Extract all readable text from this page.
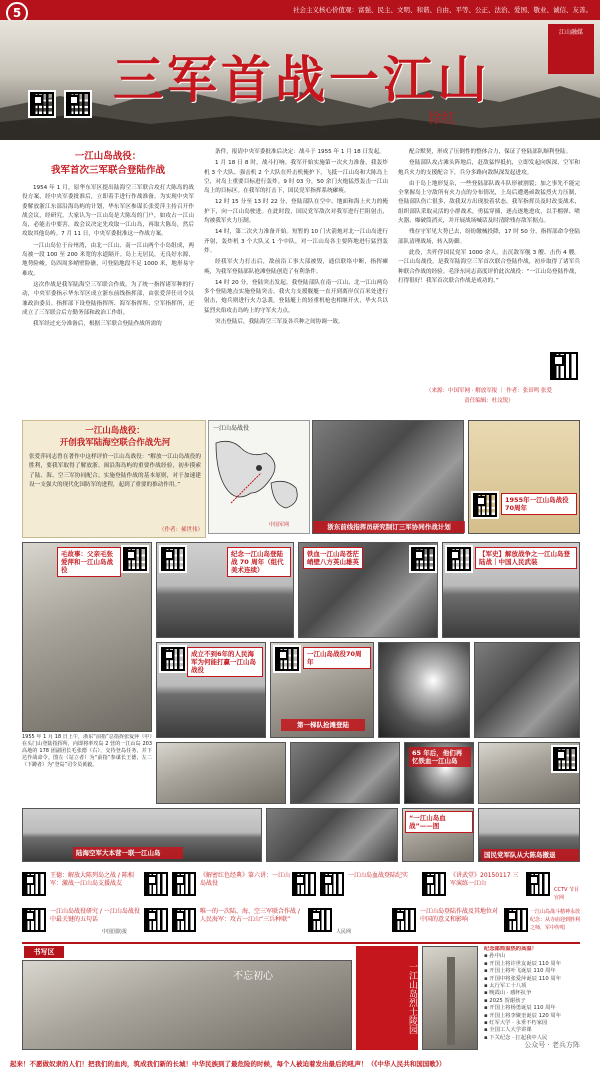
社会主义核心价值观：富强、民主、文明、和谐、自由、平等、公正、法治、爱国、敬业、诚信、友善。
5
三军首战一江山
徐红
三军首战一江山
海防在线	江山融媒
江山融媒
一江山岛战役：
我军首次三军联合登陆作战

1954 年 1 月，原华东军区提出陆海空三军联合攻打大陈岛的战役方案，经中央军委批准后，立即着手进行作战准备。为实现中央军委解放浙江东部沿海岛屿的计划，华东军区参谋长张爱萍主持召开作战会议，经研究，大家认为一江山岛是大陈岛的门户，如攻占一江山岛，必能击中要害，故会议决定先攻取一江山岛，再取大陈岛，然后攻取其他岛屿。7 月 11 日，中央军委批准这一作战方案。

一江山岛位于台州湾，由北一江山、南一江山两个小岛组成，两岛被一段 100 至 200 米宽的水道隔开。岛上无居民，无良好水源，地势险峻。岛四周多峭壁险礁，可登陆地段不足 1000 米，地形易守难攻。

这次作战是我军陆海空三军联合作战，为了统一指挥诸军种的行动，中央军委指示华东军区成立浙东前线指挥部，由张爱萍任司令员兼政治委员。指挥部下设登陆指挥所、海军指挥所、空军指挥所，还成立了三军联合后方勤务部和政治工作组。

我军经过充分准备后，根据三军联合登陆作战所需的

条件，报请中央军委批准后决定：战斗于 1955 年 1 月 18 日发起。

1 月 18 日 8 时，战斗打响。我军开始实施第一次火力准备，我轰炸机 3 个大队、强击机 2 个大队在歼击机掩护下，飞抵一江山岛和大陈岛上空，对岛上重要目标进行轰炸。9 时 03 分，50 余门火炮猛烈轰击一江山岛上的目标区。在我军的打击下，国民党军指挥系统瘫痪。

12 时 15 分至 13 时 22 分，登陆部队在空中、地面和海上火力的掩护下，向一江山岛驶进。在此时段，国民党军敌次对我军进行拦阻射击，均被我军火力压制。

14 时，第二次火力准备开始。短暂的 10 门火箭炮对北一江山岛进行齐射，轰炸机 3 个大队又 1 个中队，对一江山岛各主要阵地进行猛烈轰炸。

经我军火力打击后，敌前沿工事大部被毁，通信联络中断，指挥瘫痪，为我军登陆部队抢滩登陆创造了有利条件。

14 时 20 分，登陆突击发起。我登陆部队在南一江山、北一江山两岛多个登陆地点实施登陆突击。我火力支援舰艇一直开到离岸仅百米处进行射击，炮兵则进行火力急袭，登陆艇上的轻重机枪也相继开火，毕火兵以猛烈火焰攻击岛屿上的守军火力点。

突击登陆后，我陆海空三军及各兵种之间协调一致，

配合默契，形成了压倒性的整体合力，保证了登陆部队顺利登陆。

登陆部队攻占滩头阵地后，赶敌猛悍抵抗，立即发起向纵深、空军和炮兵火力的支援配合下，兵分多路向敌纵深发起进攻。

由于岛上地形复杂，一些登陆部队战斗队形被割裂；加之事先不能完全掌握岛上守敌所有火力点的分布情况，上岛后遭遇顽敌猛烈火力压制，登陆部队伤亡很多，敌我双方出现胶着状态。我军指挥员及时改变战术，组织部队采取灵活的小群战术，勇猛穿插，逐点逐地进攻，以手榴弹、喷火器、爆破筒消灭，并开展战场喊话及时清除残存敌军据点。

残存守军见大势已去，纷纷缴械投降，17 时 50 分，指挥部命令登陆部队清理战场，转入防御。

此役，共歼俘国民党军 1000 余人，击沉敌军舰 3 艘、击伤 4 艘。一江山岛战役，是我军陆海空三军首次联合登陆作战，初步取得了诸军兵种联合作战的经验。毛泽东同志高度评价此次战役：“一江山岛登陆作战，打得很好！我军首次联合作战是成功的。”

（来源：中国军网 · 解放军报 ｜ 作者：张田鸣 张爱
责任编辑：杜汶锐）
一江山岛战役：
开创我军陆海空联合作战先河
张爱萍同志曾在著作中这样评价一江山岛战役：“解放一江山岛战役的胜利，要我军取得了解放浙、闽沿海岛屿的重要作战经验，初步摸索了陆、海、空三军协同配合。实施登陆作战的基本原则，对于加速建设一支强大的现代化国防军的进程，起到了重要的推动作用。”
（作者：郝世伟）
一江山岛战役
中国军网	浙东前线指挥员研究制订三军协同作战计划
1955年一江山岛战役 70周年
毛故事：父亲毛张爱萍和一江山岛战役
1955 年 1 月 18 日上午，浙东“前指”总指挥张爱萍（中）在头门山登陆指挥所，向即将率攻岛 2 营的一江山岛 203 高地的 178 团副团长毛张德（右），交待登岛任务，并下达作战命令。图左（站立者）为“前指”参谋长王德，左二（下蹲者）为“登岛”司令员黄毅。
纪念一江山岛登陆战 70 周年（组代美术连续）
铁血一江山岛苍茫峭壁八方英山雄英
【军史】解放战争之一江山岛登陆战｜中国人民武装
成立不到6年的人民海军为何能打赢一江山岛战役
一江山岛战役70周年
第一梯队抢滩登陆
65 年后，他们再忆铁血一江山岛
陆海空军大本营一联一江山岛
“一江山岛血战”——图
国民党军队从大陈岛撤退
王德：解放大陈列岛之战 / 陈相军：激战一江山岛支援战友
《解密红色经典》第六讲：一江山岛战役
一江山岛血战登陆纪实	《讲武堂》20150117 三军演练一江山
CCTV 节目官网
一江山岛战役研究 / 一江山岛战役中最关键的五句话
中国国防报
唯一的一次陆、海、空三军联合作战 / 人民海军：攻占一江山“三兵种联”
人民网
一江山岛登陆作战及其地位对中国的意义和影响
一江山岛战斗精神永放纪念：从寺庙迎到胜利之师，军中传唱
书写区
不忘初心	一江山岛烈士陵园
纪念邮简温热的高温！
▪ 孙中山
▪ 开国上将许世友诞辰 110 周年
▪ 开国上将叶飞诞辰 110 周年
▪ 开国中将张爱萍诞辰 110 周年
▪ 太行军工十八项
▪ 晚霞山 · 感怀抗争
▪ 2025 贺谢孩子
▪ 开国上将杨勇诞辰 110 周年
▪ 开国上将李聚奎诞辰 120 周年
▪ 红军大学 · 永垂不朽家园
▪ 全国工人大学讲课
▪ 下关纪念 · 扛起我中人民
公众号 · 老兵方阵
起来！不愿做奴隶的人们！把我们的血肉，筑成我们新的长城！中华民族到了最危险的时候，每个人被迫着发出最后的吼声！（《中华人民共和国国歌》）
